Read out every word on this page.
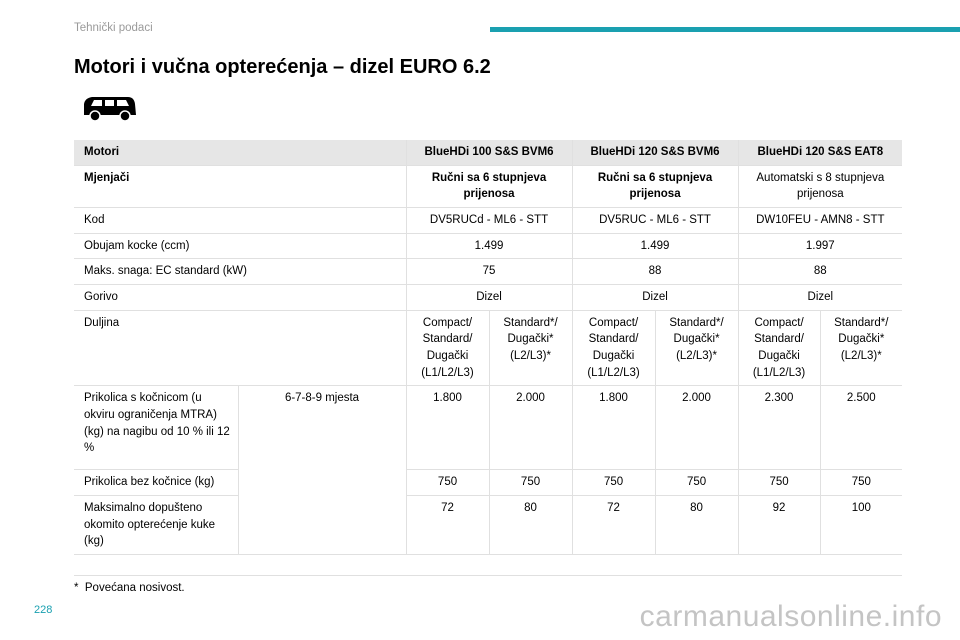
Tehnički podaci
Motori i vučna opterećenja – dizel EURO 6.2
Motori		BlueHDi 100 S&S BVM6		BlueHDi 120 S&S BVM6		BlueHDi 120 S&S EAT8	
Mjenjači		Ručni sa 6 stupnjeva prijenosa		Ručni sa 6 stupnjeva prijenosa		Automatski s 8 stupnjeva prijenosa	
Kod		DV5RUCd - ML6 - STT		DV5RUC - ML6 - STT		DW10FEU - AMN8 - STT	
Obujam kocke (ccm)		1.499		1.499		1.997	
Maks. snaga: EC standard (kW)		75		88		88	
Gorivo		Dizel		Dizel		Dizel	
Duljina		Compact/ Standard/ Dugački (L1/L2/L3)	Standard*/ Dugački* (L2/L3)*	Compact/ Standard/ Dugački (L1/L2/L3)	Standard*/ Dugački* (L2/L3)*	Compact/ Standard/ Dugački (L1/L2/L3)	Standard*/ Dugački* (L2/L3)*
Prikolica s kočnicom (u okviru ograničenja MTRA) (kg) na nagibu od 10 % ili 12 %	6-7-8-9 mjesta	1.800	2.000	1.800	2.000	2.300	2.500
Prikolica bez kočnice (kg)		750	750	750	750	750	750
Maksimalno dopušteno okomito opterećenje kuke (kg)		72	80	72	80	92	100
* Povećana nosivost.
228	carmanualsonline.info
